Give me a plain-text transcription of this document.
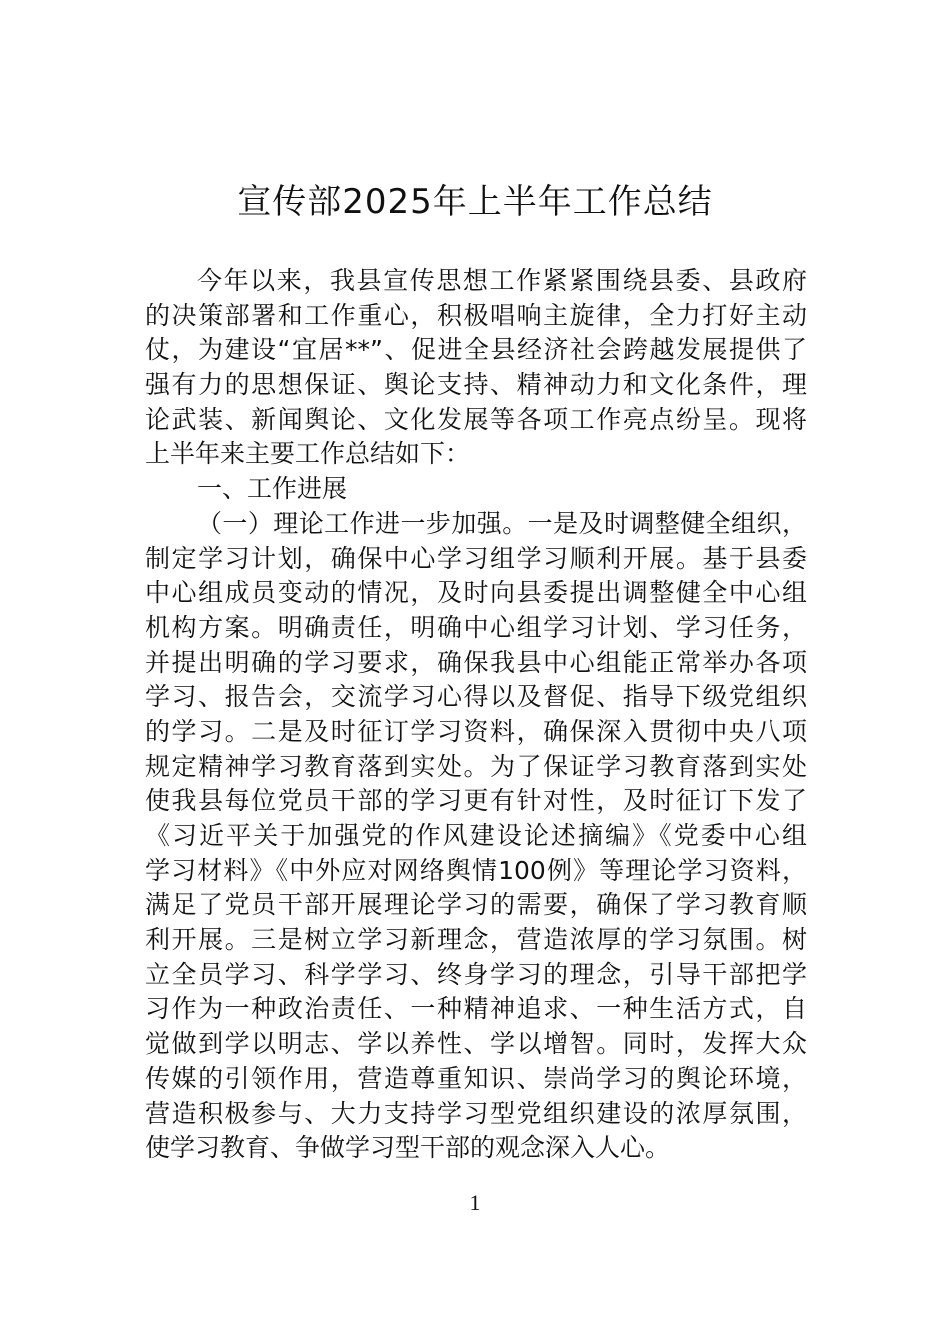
宣传部2025年上半年工作总结
今年以来，我县宣传思想工作紧紧围绕县委、县政府
的决策部署和工作重心，积极唱响主旋律，全力打好主动
仗，为建设“宜居**”、促进全县经济社会跨越发展提供了
强有力的思想保证、舆论支持、精神动力和文化条件，理
论武装、新闻舆论、文化发展等各项工作亮点纷呈。现将
上半年来主要工作总结如下：
一、工作进展
（一）理论工作进一步加强。一是及时调整健全组织，
制定学习计划，确保中心学习组学习顺利开展。基于县委
中心组成员变动的情况，及时向县委提出调整健全中心组
机构方案。明确责任，明确中心组学习计划、学习任务，
并提出明确的学习要求，确保我县中心组能正常举办各项
学习、报告会，交流学习心得以及督促、指导下级党组织
的学习。二是及时征订学习资料，确保深入贯彻中央八项
规定精神学习教育落到实处。为了保证学习教育落到实处
使我县每位党员干部的学习更有针对性，及时征订下发了
《习近平关于加强党的作风建设论述摘编》《党委中心组
学习材料》《中外应对网络舆情100例》等理论学习资料，
满足了党员干部开展理论学习的需要，确保了学习教育顺
利开展。三是树立学习新理念，营造浓厚的学习氛围。树
立全员学习、科学学习、终身学习的理念，引导干部把学
习作为一种政治责任、一种精神追求、一种生活方式，自
觉做到学以明志、学以养性、学以增智。同时，发挥大众
传媒的引领作用，营造尊重知识、崇尚学习的舆论环境，
营造积极参与、大力支持学习型党组织建设的浓厚氛围，
使学习教育、争做学习型干部的观念深入人心。
1
